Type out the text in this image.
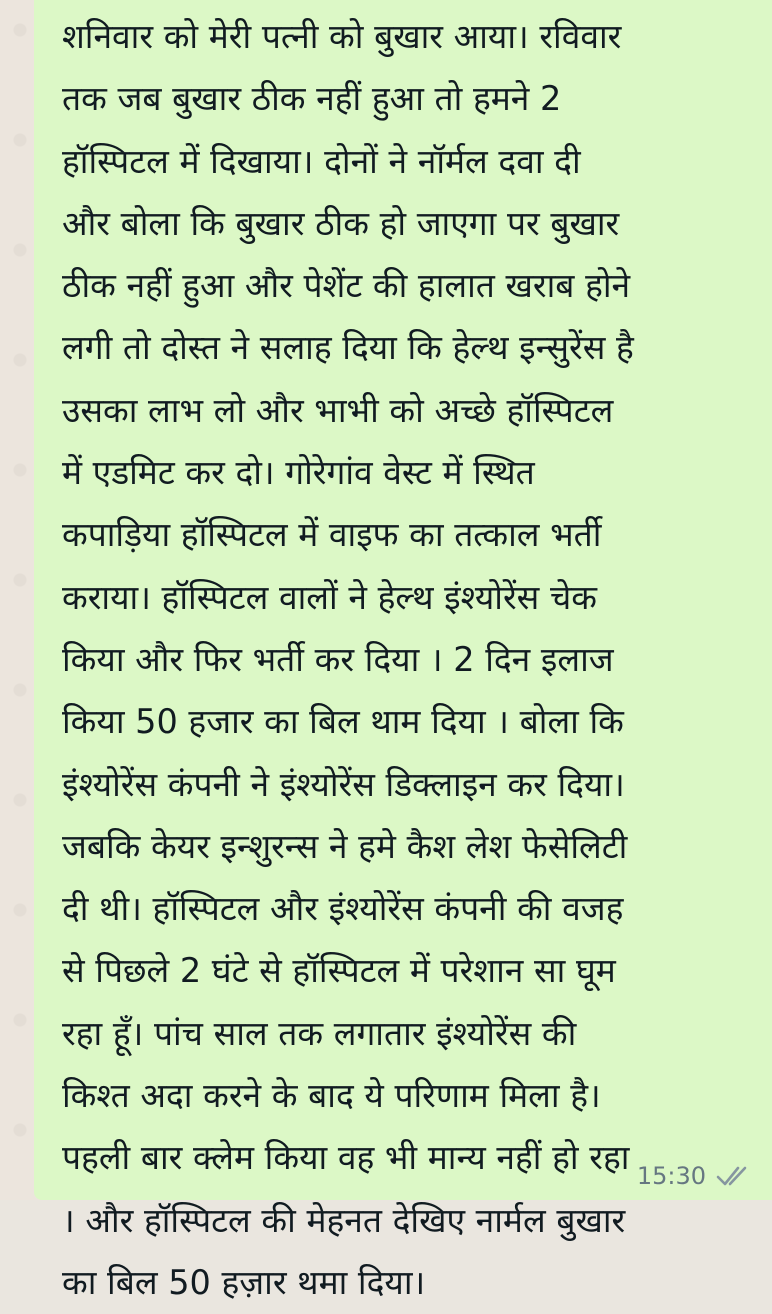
शनिवार को मेरी पत्नी को बुखार आया। रविवार
तक जब बुखार ठीक नहीं हुआ तो हमने 2
हॉस्पिटल में दिखाया। दोनों ने नॉर्मल दवा दी
और बोला कि बुखार ठीक हो जाएगा पर बुखार
ठीक नहीं हुआ और पेशेंट की हालात खराब होने
लगी तो दोस्त ने सलाह दिया कि हेल्थ इन्सुरेंस है
उसका लाभ लो और भाभी को अच्छे हॉस्पिटल
में एडमिट कर दो। गोरेगांव वेस्ट में स्थित
कपाड़िया हॉस्पिटल में वाइफ का तत्काल भर्ती
कराया। हॉस्पिटल वालों ने हेल्थ इंश्योरेंस चेक
किया और फिर भर्ती कर दिया । 2 दिन इलाज
किया 50 हजार का बिल थाम दिया । बोला कि
इंश्योरेंस कंपनी ने इंश्योरेंस डिक्लाइन कर दिया।
जबकि केयर इन्शुरन्स ने हमे कैश लेश फेसेलिटी
दी थी। हॉस्पिटल और इंश्योरेंस कंपनी की वजह
से पिछले 2 घंटे से हॉस्पिटल में परेशान सा घूम
रहा हूँ। पांच साल तक लगातार इंश्योरेंस की
किश्त अदा करने के बाद ये परिणाम मिला है।
पहली बार क्लेम किया वह भी मान्य नहीं हो रहा
। और हॉस्पिटल की मेहनत देखिए नार्मल बुखार
का बिल 50 हज़ार थमा दिया।

15:30
